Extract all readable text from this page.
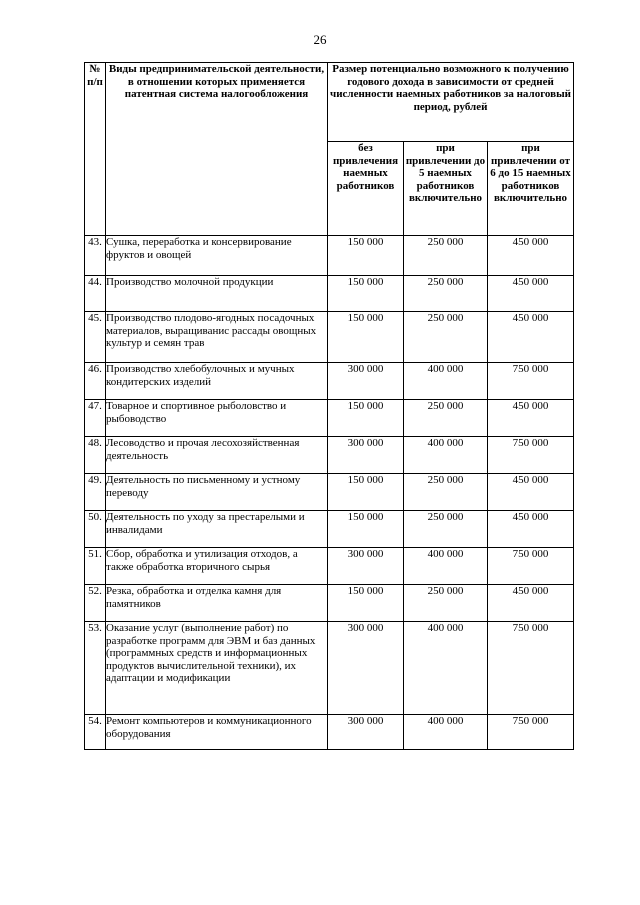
26
№ п/п	Виды предпринимательской деятельности, в отношении которых применяется патентная система налогообложения	Размер потенциально возможного к получению годового дохода в зависимости от средней численности наемных работников за налоговый период, рублей		
		без привлечения наемных работников	при привлечении до 5 наемных работников включительно	при привлечении от 6 до 15 наемных работников включительно
43.	Сушка, переработка и консервирование фруктов и овощей	150 000	250 000	450 000
44.	Производство молочной продукции	150 000	250 000	450 000
45.	Производство плодово-ягодных посадочных материалов, выращиванис рассады овощных культур и семян трав	150 000	250 000	450 000
46.	Производство хлебобулочных и мучных кондитерских изделий	300 000	400 000	750 000
47.	Товарное и спортивное рыболовство и рыбоводство	150 000	250 000	450 000
48.	Лесоводство и прочая лесохозяйственная деятельность	300 000	400 000	750 000
49.	Деятельность по письменному и устному переводу	150 000	250 000	450 000
50.	Деятельность по уходу за престарелыми и инвалидами	150 000	250 000	450 000
51.	Сбор, обработка и утилизация отходов, а также обработка вторичного сырья	300 000	400 000	750 000
52.	Резка, обработка и отделка камня для памятников	150 000	250 000	450 000
53.	Оказание услуг (выполнение работ) по разработке программ для ЭВМ и баз данных (программных средств и информационных продуктов вычислительной техники), их адаптации и модификации	300 000	400 000	750 000
54.	Ремонт компьютеров и коммуникационного оборудования	300 000	400 000	750 000
